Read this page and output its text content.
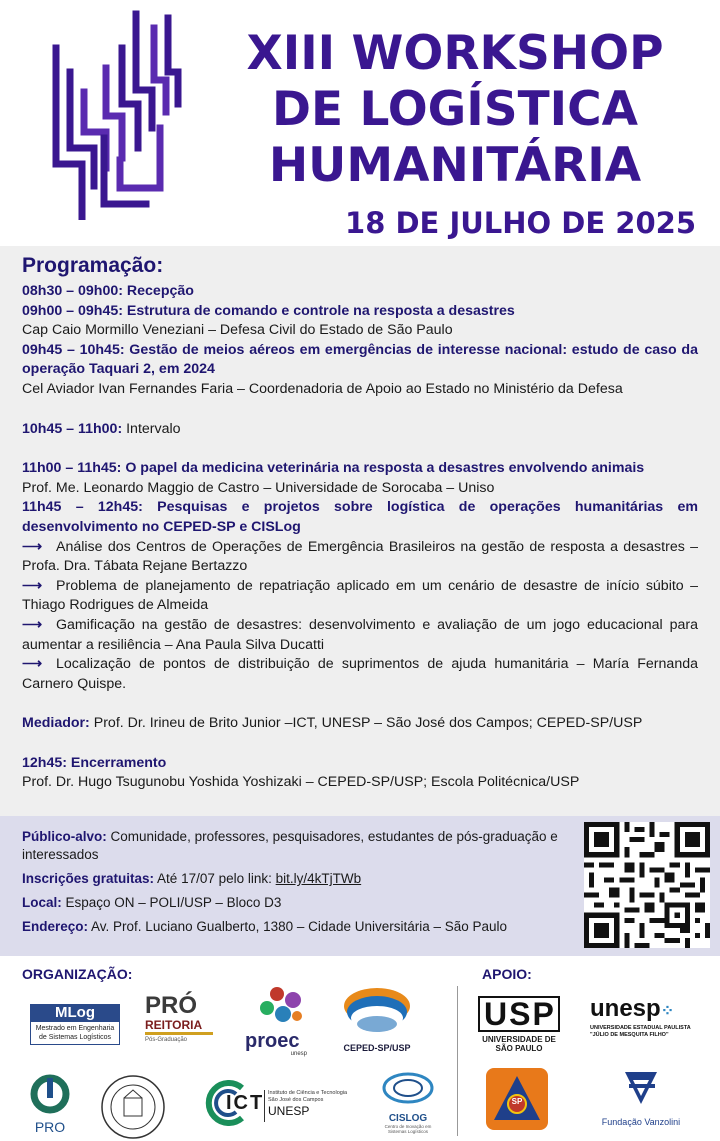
XIII WORKSHOP
DE LOGÍSTICA
HUMANITÁRIA
18 DE JULHO DE 2025
Programação:
08h30 – 09h00: Recepção
09h00 – 09h45: Estrutura de comando e controle na resposta a desastres
Cap Caio Mormillo Veneziani – Defesa Civil do Estado de São Paulo
09h45 – 10h45: Gestão de meios aéreos em emergências de interesse nacional: estudo de caso da operação Taquari 2, em 2024
Cel Aviador Ivan Fernandes Faria – Coordenadoria de Apoio ao Estado no Ministério da Defesa
10h45 – 11h00: Intervalo
11h00 – 11h45: O papel da medicina veterinária na resposta a desastres envolvendo animais
Prof. Me. Leonardo Maggio de Castro – Universidade de Sorocaba – Uniso
11h45 – 12h45: Pesquisas e projetos sobre logística de operações humanitárias em desenvolvimento no CEPED-SP e CISLog
⟶ Análise dos Centros de Operações de Emergência Brasileiros na gestão de resposta a desastres – Profa. Dra. Tábata Rejane Bertazzo
⟶ Problema de planejamento de repatriação aplicado em um cenário de desastre de início súbito – Thiago Rodrigues de Almeida
⟶ Gamificação na gestão de desastres: desenvolvimento e avaliação de um jogo educacional para aumentar a resiliência – Ana Paula Silva Ducatti
⟶ Localização de pontos de distribuição de suprimentos de ajuda humanitária – María Fernanda Carnero Quispe.
Mediador: Prof. Dr. Irineu de Brito Junior –ICT, UNESP – São José dos Campos; CEPED-SP/USP
12h45: Encerramento
Prof. Dr. Hugo Tsugunobu Yoshida Yoshizaki – CEPED-SP/USP; Escola Politécnica/USP
Público-alvo: Comunidade, professores, pesquisadores, estudantes de pós-graduação e interessados
Inscrições gratuitas: Até 17/07 pelo link: bit.ly/4kTjTWb
Local: Espaço ON – POLI/USP – Bloco D3
Endereço: Av. Prof. Luciano Gualberto, 1380 – Cidade Universitária – São Paulo
ORGANIZAÇÃO:	APOIO:
MLog
Mestrado em Engenharia
de Sistemas Logísticos
PRÓ
REITORIA
Pós-Graduação	proec
unesp
CEPED-SP/USP
USP
UNIVERSIDADE DE
SÃO PAULO
unesp⁘
UNIVERSIDADE ESTADUAL PAULISTA
"JÚLIO DE MESQUITA FILHO"
PRO
ICT Instituto de Ciência e Tecnologia
São José dos Campos
UNESP
CISLOG
Centro de Inovação em Sistemas Logísticos
SP
Fundação Vanzolini
